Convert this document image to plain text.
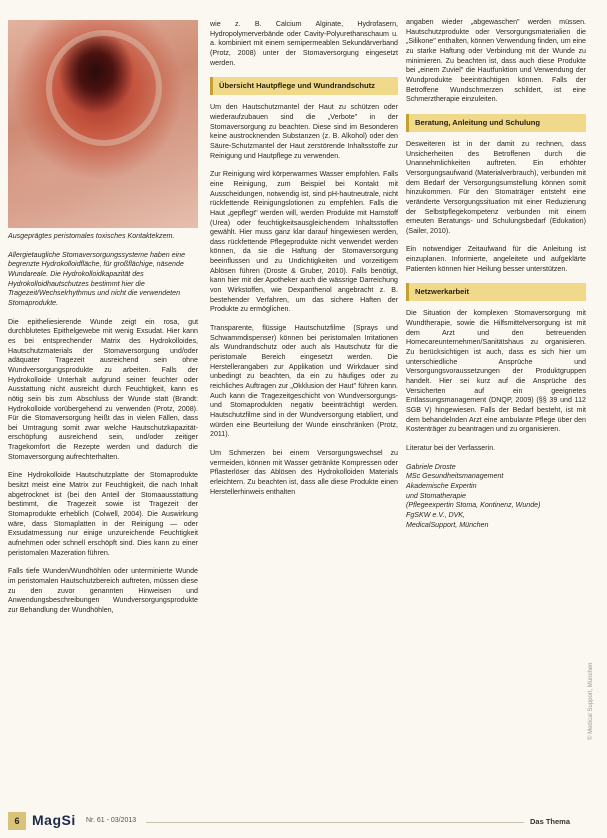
Ausgeprägtes peristomales toxisches Kontaktekzem.

Allergietaugliche Stomaversorgungssysteme haben eine begrenzte Hydrokolloidfläche, für großflächige, näsende Wundareale. Die Hydrokolloidkapazität des Hydrokolloidhautschutzes bestimmt hier die Tragezeit/Wechselrhythmus und nicht die verwendeten Stomaprodukte.

Die epitheliesierende Wunde zeigt ein rosa, gut durchblutetes Epithelgewebe mit wenig Exsudat. Hier kann es bei entsprechender Matrix des Hydrokolloides, Hautschutzmaterials der Stomaversorgung und/oder adäquater Tragezeit ausreichend sein ohne Wundversorgungsprodukte zu arbeiten. Falls der Hydrokolloide Unterhalt aufgrund seiner feuchter oder Ausstattung nicht ausreicht durch Feuchtigkeit, kann es nötig sein bis zum Abschluss der Wunde statt (Brandt: Hydrokolloide vorübergehend zu verwenden (Protz, 2008). Für die Stomaversorgung heißt das in vielen Fällen, dass bei Umtragung somit zwar welche Hautschutzkapazität-erschöpfung ausreichend sein, und/oder zeitiger Tragekomfort die Rezepte werden und dadurch die Stomaversorgung aufrechterhalten.

Eine Hydrokolloide Hautschutzplatte der Stomaprodukte besitzt meist eine Matrix zur Feuchtigkeit, die nach Inhalt abgetrocknet ist (bei den Anteil der Stomaausstattung bestimmt, die Tragezeit sowie ist Tragezeit der Stomaprodukte erheblich (Colwell, 2004). Die Auswirkung wäre, dass Stomaplatten in der Reinigung — oder Exsudatmessung nur einige unzureichende Feuchtigkeit aufnehmen oder schnell erschöpft sind. Dies kann zu einer peristomalen Mazeration führen.

Falls tiefe Wunden/Wundhöhlen oder unterminierte Wunde im peristomalen Hautschutzbereich auftreten, müssen diese zu den zuvor genannten Hinweisen und Anwendungsbeschreibungen Wundversorgungsprodukte zur Behandlung der Wundhöhlen,

wie z. B. Calcium Alginate, Hydrofasern, Hydropolymerverbände oder Cavity-Polyurethanschaum u. a. kombiniert mit einem semipermeablen Sekundärverband (Protz, 2008) unter der Stomaversorgung eingesetzt werden.

Übersicht Hautpflege und Wundrandschutz

Um den Hautschutzmantel der Haut zu schützen oder wiederaufzubauen sind die „Verbote" in der Stomaversorgung zu beachten. Diese sind im Besonderen keine austrocknenden Substanzen (z. B. Alkohol) oder den Säure-Schutzmantel der Haut zerstörende Inhaltsstoffe zur Reinigung und Hautpflege zu verwenden.

Zur Reinigung wird körperwarmes Wasser empfohlen. Falls eine Reinigung, zum Beispiel bei Kontakt mit Ausscheidungen, notwendig ist, sind pH-hautneutrale, nicht rückfettende Reinigungslotionen zu empfehlen. Falls die Haut „gepflegt" werden will, werden Produkte mit Harnstoff (Urea) oder feuchtigkeitsausgleichendem Inhaltsstoffen gewählt. Hier muss ganz klar darauf hingewiesen werden, dass rückfettende Pflegeprodukte nicht verwendet werden können, da sie die Haftung der Stomaversorgung beeinflussen und zu Undichtigkeiten und vorzeitigem Ablösen führen (Droste & Gruber, 2010). Falls benötigt, kann hier mit der Apotheker auch die wässrige Darreichung von Wirkstoffen, wie Dexpanthenol angebracht z. B. bestehender Verfahren, um das sichere Haften der Produkte zu ermöglichen.

Transparente, flüssige Hautschutzfilme (Sprays und Schwammdispenser) können bei peristomalen Irritationen als Wundrandschutz oder auch als Hautschutz für die peristomale Bereich eingesetzt werden. Die Herstellerangaben zur Applikation und Wirkdauer sind unbedingt zu beachten, da ein zu häufiges oder zu reichliches Auftragen zur „Okklusion der Haut" führen kann. Auch kann die Tragezeitgeschicht von Wundversorgungs- und Stomaprodukten negativ beeinträchtigt werden. Hautschutzfilme sind in der Wundversorgung etabliert, und würden eine Beurteilung der Wunde einschränken (Protz, 2011).

Um Schmerzen bei einem Versorgungswechsel zu vermeiden, können mit Wasser getränkte Kompressen oder Pflasterlöser das Ablösen des Hydrokolloiden Materials erleichtern. Zu beachten ist, dass alle diese Produkte einen Herstellerhinweis enthalten

angaben wieder „abgewaschen" werden müssen. Hautschutzprodukte oder Versorgungsmaterialien die „Silikone" enthalten, können Verwendung finden, um eine zu starke Haftung oder Verbindung mit der Wunde zu minimieren. Zu beachten ist, dass auch diese Produkte bei „einem Zuviel" die Hautfunktion und Verwendung der Wundprodukte beeinträchtigen können. Falls der Betroffene Wundschmerzen schildert, ist eine Schmerztherapie einzuleiten.

Beratung, Anleitung und Schulung

Desweiteren ist in der damit zu rechnen, dass Unsicherheiten des Betroffenen durch die Unannehmlichkeiten auftreten. Ein erhöhter Versorgungsaufwand (Materialverbrauch), verbunden mit dem Bedarf der Versorgungsumstellung können somit hinzukommen. Für den Stomaträger entsteht eine veränderte Versorgungssituation mit einer Reduzierung der Selbstpflegekompetenz verbunden mit einem erneuten Beratungs- und Schulungsbedarf (Edukation) (Sailer, 2010).

Ein notwendiger Zeitaufwand für die Anleitung ist einzuplanen. Informierte, angeleitete und aufgeklärte Patienten können hier Heilung besser unterstützen.

Netzwerkarbeit

Die Situation der komplexen Stomaversorgung mit Wundtherapie, sowie die Hilfsmittelversorgung ist mit dem Arzt und den betreuenden Homecareunternehmen/Sanitätshaus zu organisieren. Zu berücksichtigen ist auch, dass es sich hier um unterschiedliche Ansprüche und Versorgungsvoraussetzungen der Produktgruppen handelt. Hier sei kurz auf die Ansprüche des Versicherten auf ein geeignetes Entlassungsmanagement (DNQP, 2009) (§§ 39 und 112 SGB V) hingewiesen. Falls der Bedarf besteht, ist mit dem behandelnden Arzt eine ambulante Pflege über den Kostenträger zu beantragen und zu organisieren.

Literatur bei der Verfasserin.

Gabriele Droste

MSc Gesundheitsmanagement

Akademische Expertin

und Stomatherapie

(Pflegeexpertin Stoma, Kontinenz, Wunde)

FgSKW e.V., DVK,

MedicalSupport, München

© Medical Support, München
6 MagSi Nr. 61 - 03/2013	Das Thema
